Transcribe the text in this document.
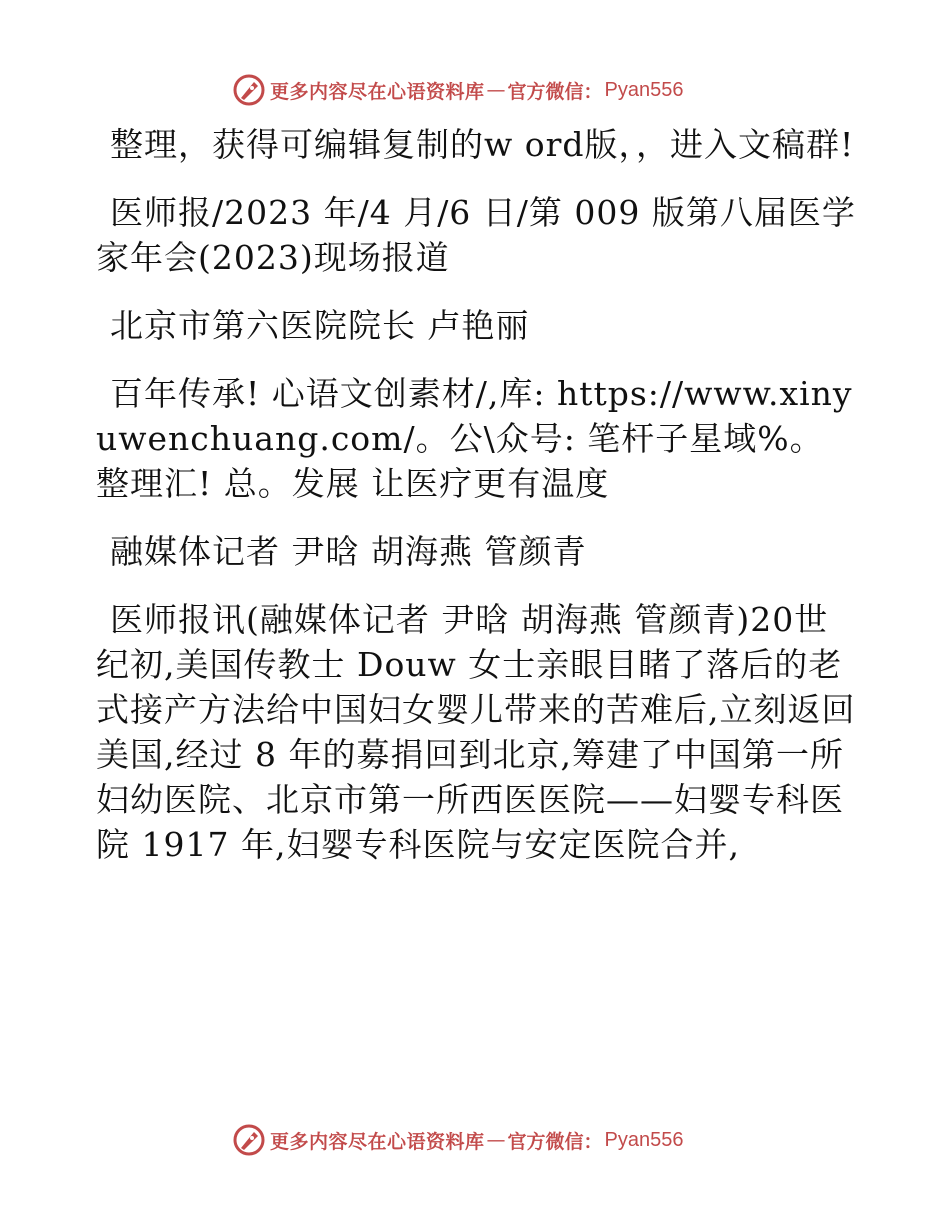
更多内容尽在心语资料库 — 官方微信： Pyan556

整理，获得可编辑复制的w ord版，，进入文稿群!

医师报/2023 年/4 月/6 日/第 009 版第八届医学家年会(2023)现场报道

北京市第六医院院长 卢艳丽

百年传承! 心语文创素材/,库: https://www.xinyuwenchuang.com/。公\众号: 笔杆子星域%。整理汇! 总。发展 让医疗更有温度

融媒体记者 尹晗 胡海燕 管颜青

医师报讯(融媒体记者 尹晗 胡海燕 管颜青)20世纪初,美国传教士 Douw 女士亲眼目睹了落后的老式接产方法给中国妇女婴儿带来的苦难后,立刻返回美国,经过 8 年的募捐回到北京,筹建了中国第一所妇幼医院、北京市第一所西医医院——妇婴专科医院 1917 年,妇婴专科医院与安定医院合并,

更多内容尽在心语资料库 — 官方微信： Pyan556
